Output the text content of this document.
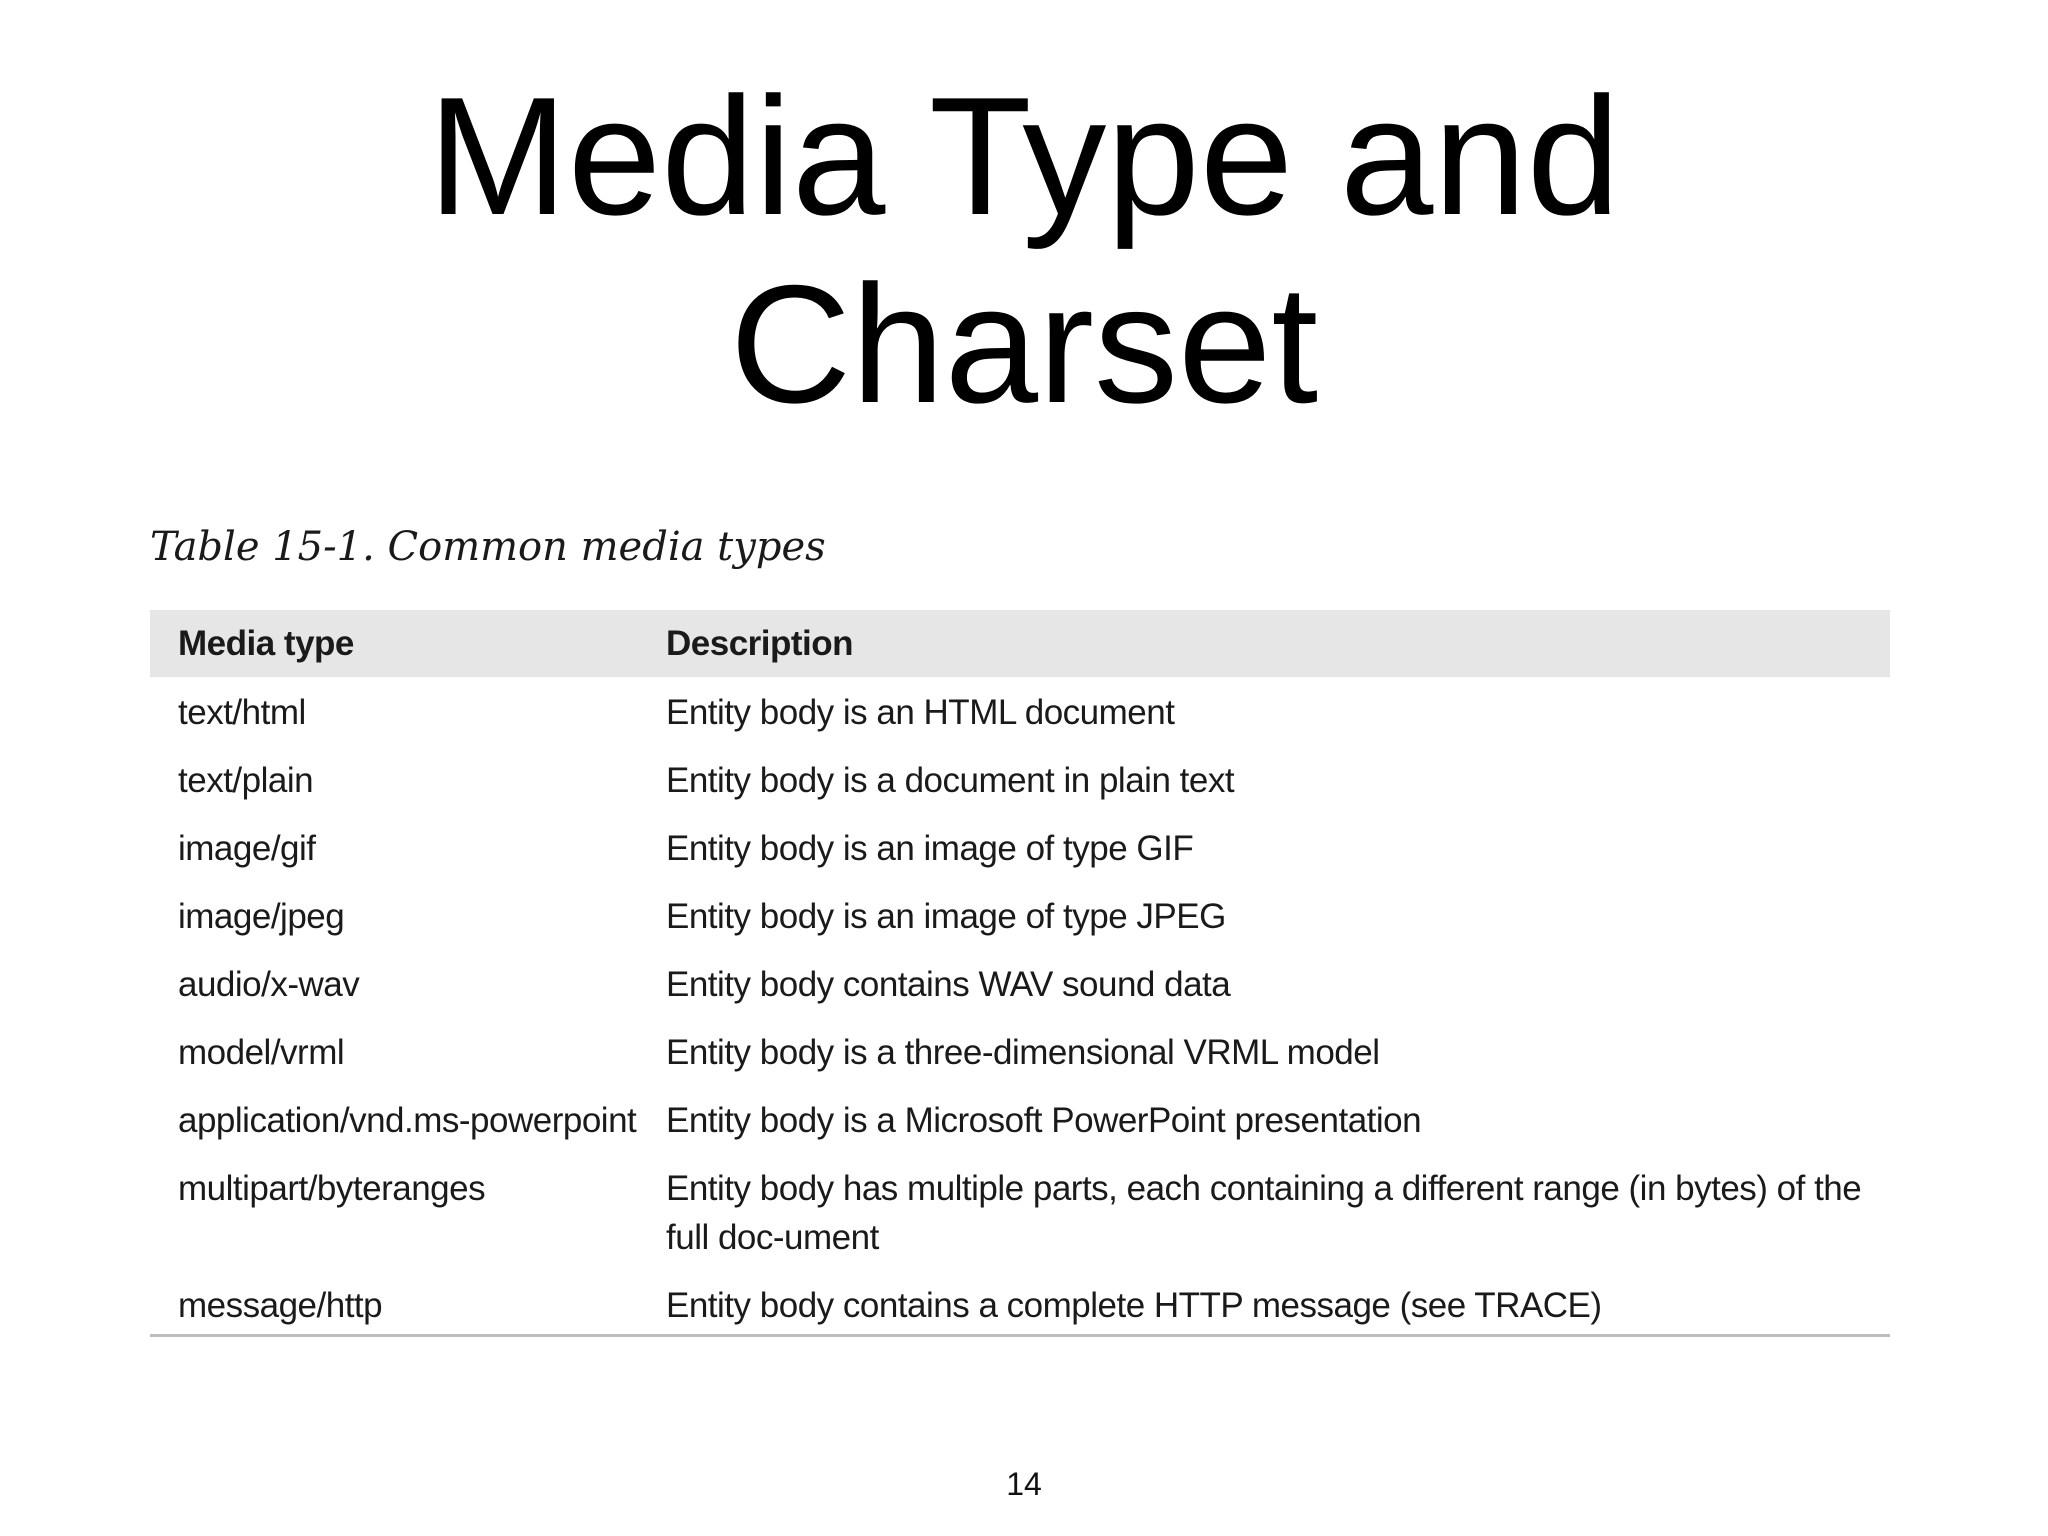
Media Type and
Charset
Table 15-1. Common media types
Media type	Description
text/html	Entity body is an HTML document
text/plain	Entity body is a document in plain text
image/gif	Entity body is an image of type GIF
image/jpeg	Entity body is an image of type JPEG
audio/x-wav	Entity body contains WAV sound data
model/vrml	Entity body is a three-dimensional VRML model
application/vnd.ms-powerpoint	Entity body is a Microsoft PowerPoint presentation
multipart/byteranges	Entity body has multiple parts, each containing a different range (in bytes) of the full doc-ument
message/http	Entity body contains a complete HTTP message (see TRACE)
14
